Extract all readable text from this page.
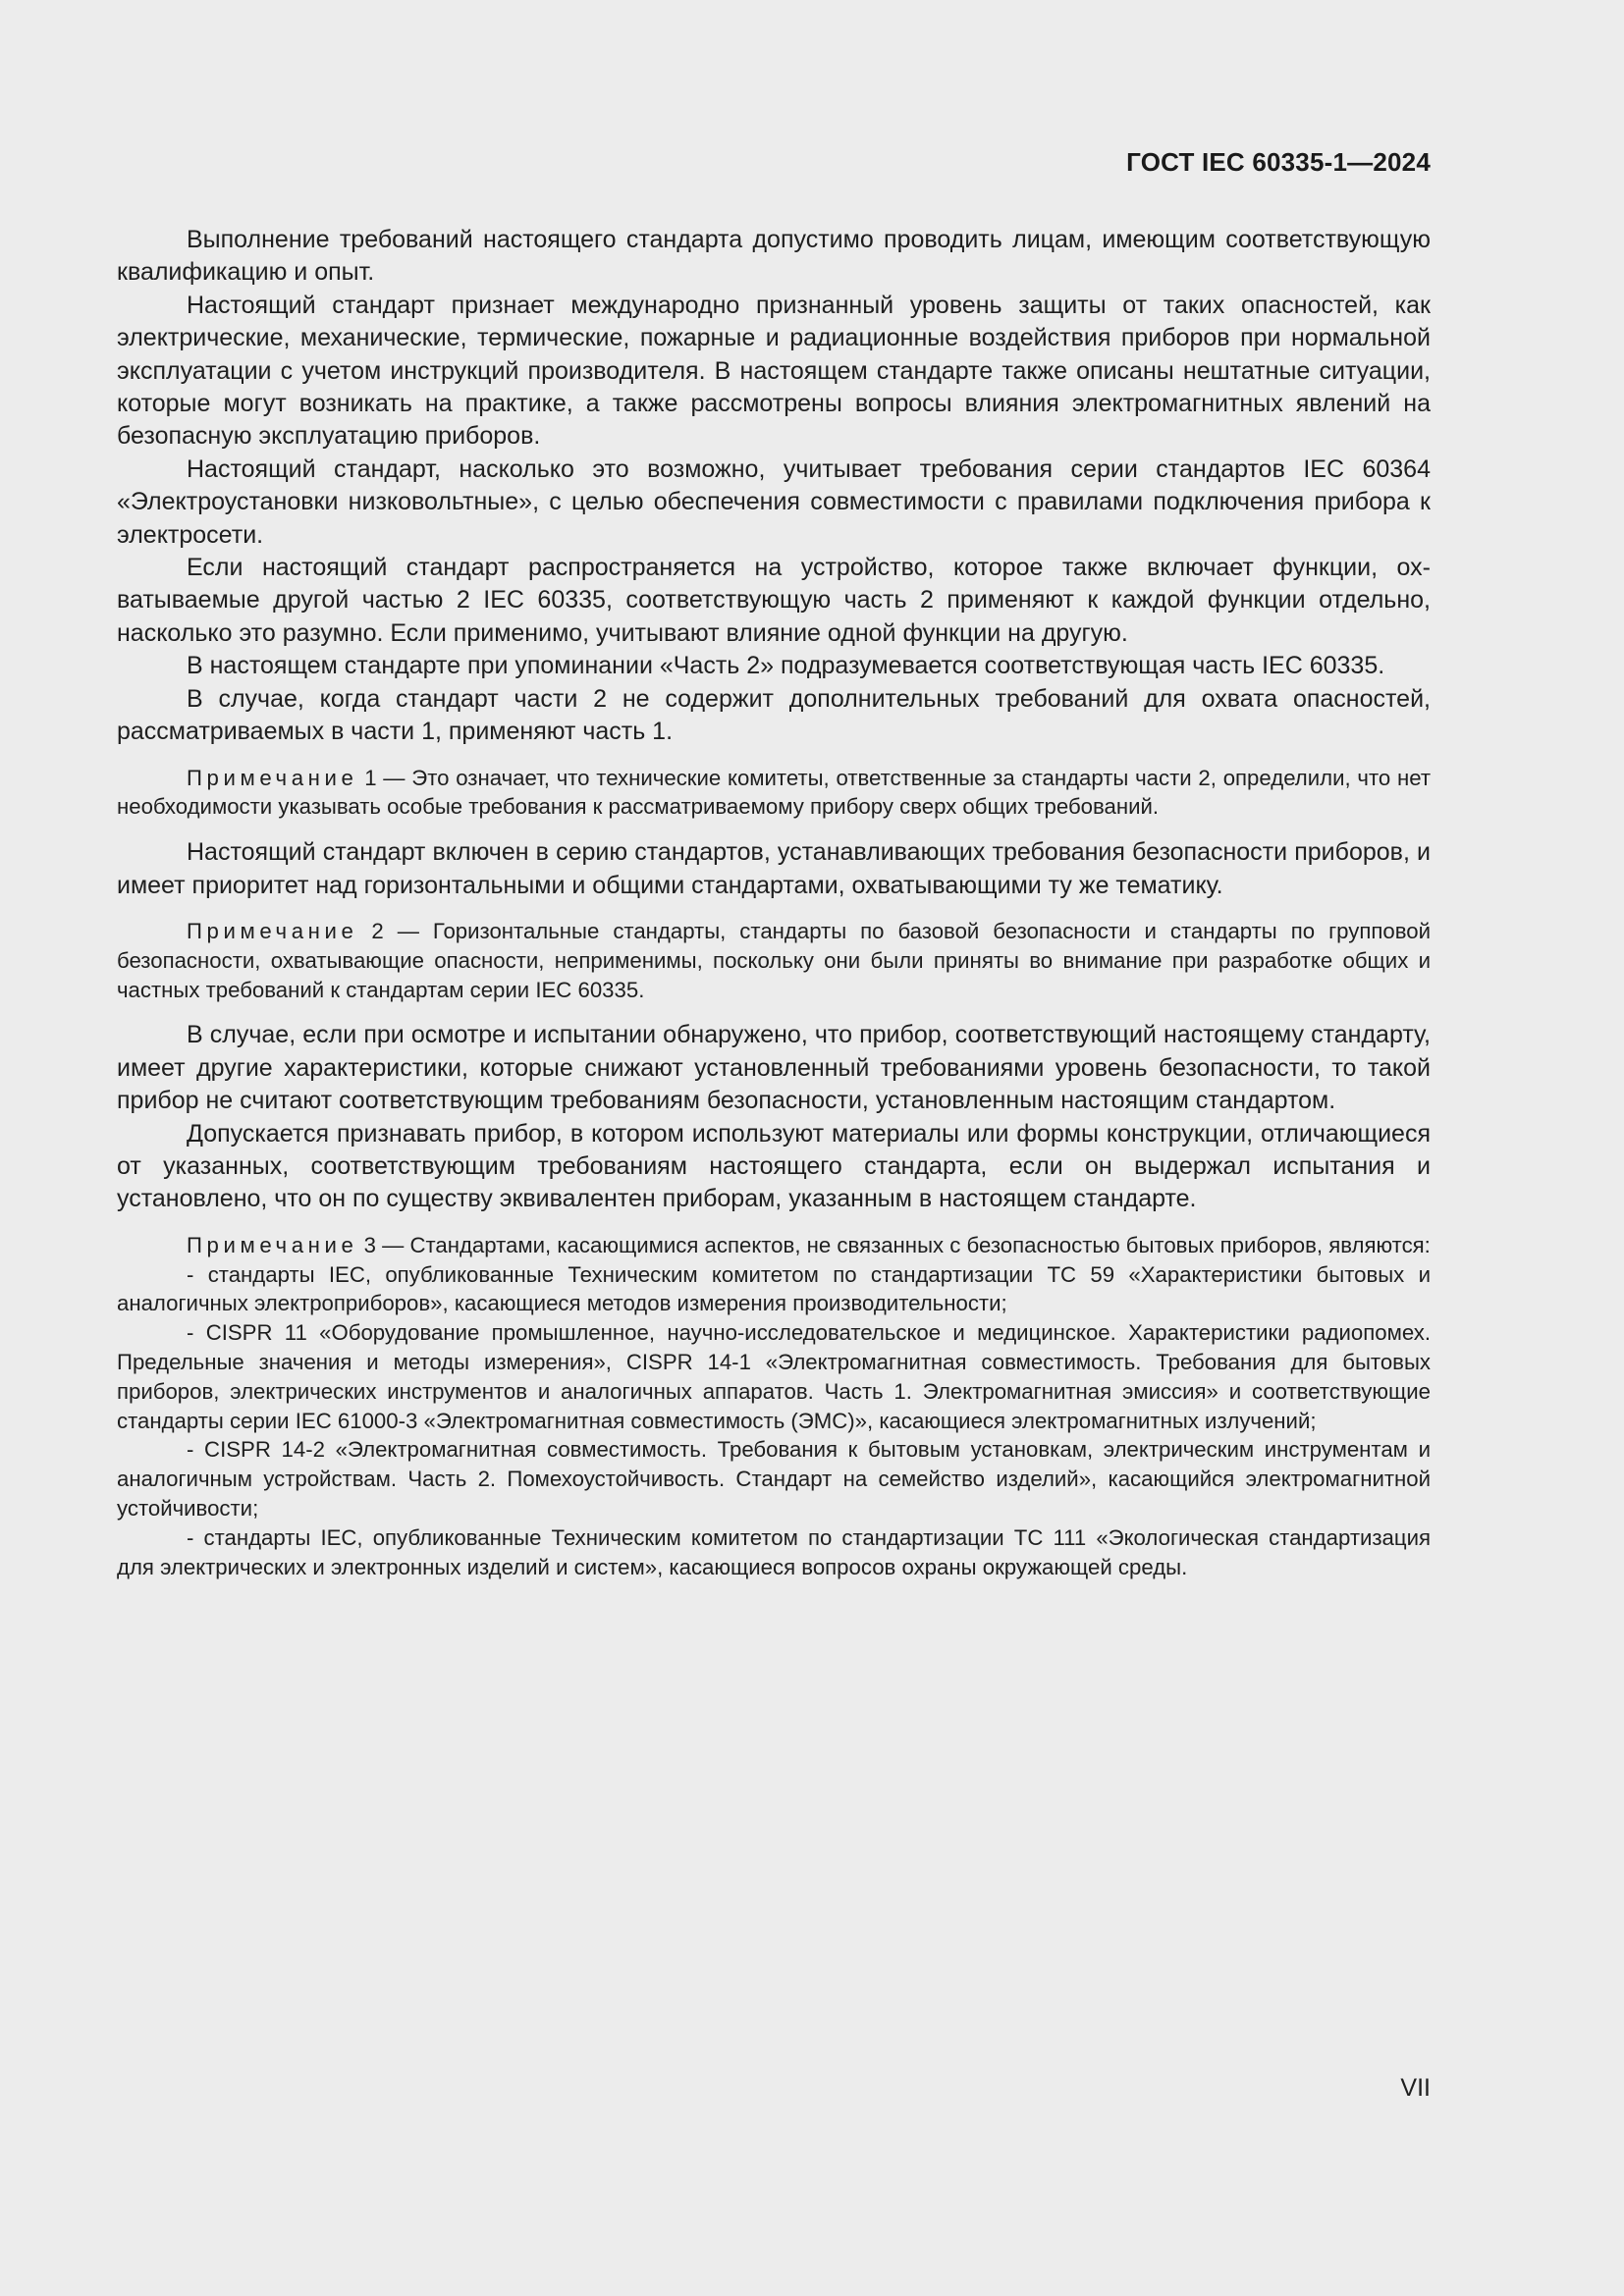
ГОСТ IEC 60335-1—2024

Выполнение требований настоящего стандарта допустимо проводить лицам, имеющим соответствующую квалификацию и опыт.

Настоящий стандарт признает международно признанный уровень защиты от таких опасностей, как электрические, механические, термические, пожарные и радиационные воздействия приборов при нормальной эксплуатации с учетом инструкций производителя. В настоящем стандарте также описаны нештатные ситуации, которые могут возникать на практике, а также рассмотрены вопросы влияния электромагнитных явлений на безопасную эксплуатацию приборов.

Настоящий стандарт, насколько это возможно, учитывает требования серии стандартов IEC 60364 «Электроустановки низковольтные», с целью обеспечения совместимости с правилами подключения прибора к электросети.

Если настоящий стандарт распространяется на устройство, которое также включает функции, охватываемые другой частью 2 IEC 60335, соответствующую часть 2 применяют к каждой функции отдельно, насколько это разумно. Если применимо, учитывают влияние одной функции на другую.

В настоящем стандарте при упоминании «Часть 2» подразумевается соответствующая часть IEC 60335.

В случае, когда стандарт части 2 не содержит дополнительных требований для охвата опасностей, рассматриваемых в части 1, применяют часть 1.

Примечание 1 — Это означает, что технические комитеты, ответственные за стандарты части 2, определили, что нет необходимости указывать особые требования к рассматриваемому прибору сверх общих требований.

Настоящий стандарт включен в серию стандартов, устанавливающих требования безопасности приборов, и имеет приоритет над горизонтальными и общими стандартами, охватывающими ту же тематику.

Примечание 2 — Горизонтальные стандарты, стандарты по базовой безопасности и стандарты по групповой безопасности, охватывающие опасности, неприменимы, поскольку они были приняты во внимание при разработке общих и частных требований к стандартам серии IEC 60335.

В случае, если при осмотре и испытании обнаружено, что прибор, соответствующий настоящему стандарту, имеет другие характеристики, которые снижают установленный требованиями уровень безопасности, то такой прибор не считают соответствующим требованиям безопасности, установленным настоящим стандартом.

Допускается признавать прибор, в котором используют материалы или формы конструкции, отличающиеся от указанных, соответствующим требованиям настоящего стандарта, если он выдержал испытания и установлено, что он по существу эквивалентен приборам, указанным в настоящем стандарте.

Примечание 3 — Стандартами, касающимися аспектов, не связанных с безопасностью бытовых приборов, являются:

- стандарты IEC, опубликованные Техническим комитетом по стандартизации TC 59 «Характеристики бытовых и аналогичных электроприборов», касающиеся методов измерения производительности;

- CISPR 11 «Оборудование промышленное, научно-исследовательское и медицинское. Характеристики радиопомех. Предельные значения и методы измерения», CISPR 14-1 «Электромагнитная совместимость. Требования для бытовых приборов, электрических инструментов и аналогичных аппаратов. Часть 1. Электромагнитная эмиссия» и соответствующие стандарты серии IEC 61000-3 «Электромагнитная совместимость (ЭМС)», касающиеся электромагнитных излучений;

- CISPR 14-2 «Электромагнитная совместимость. Требования к бытовым установкам, электрическим инструментам и аналогичным устройствам. Часть 2. Помехоустойчивость. Стандарт на семейство изделий», касающийся электромагнитной устойчивости;

- стандарты IEC, опубликованные Техническим комитетом по стандартизации TC 111 «Экологическая стандартизация для электрических и электронных изделий и систем», касающиеся вопросов охраны окружающей среды.

VII
